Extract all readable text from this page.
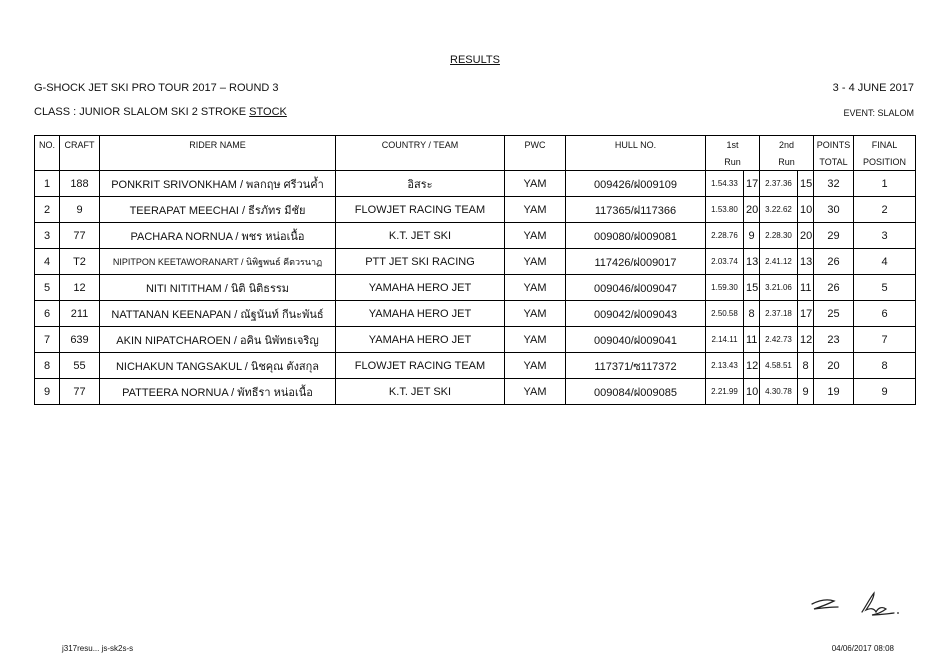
RESULTS
G-SHOCK JET SKI PRO TOUR 2017 – ROUND 3	3 - 4 JUNE 2017
CLASS : JUNIOR SLALOM SKI 2 STROKE STOCK	EVENT: SLALOM
NO.	CRAFT	RIDER NAME	COUNTRY / TEAM	PWC	HULL NO.	1st		2nd		POINTS	FINAL
						Run		Run		TOTAL	POSITION
1	188	PONKRIT SRIVONKHAM / พลกฤษ ศรีวนค้ำ	อิสระ	YAM	009426/ฝ009109	1.54.33	17	2.37.36	15	32	1
2	9	TEERAPAT MEECHAI / ธีรภัทร มีชัย	FLOWJET RACING TEAM	YAM	117365/ฝ117366	1.53.80	20	3.22.62	10	30	2
3	77	PACHARA NORNUA / พชร หน่อเนื้อ	K.T. JET SKI	YAM	009080/ฝ009081	2.28.76	9	2.28.30	20	29	3
4	T2	NIPITPON KEETAWORANART / นิพิฐพนธ์ คีตวรนาฏ	PTT JET SKI RACING	YAM	117426/ฝ009017	2.03.74	13	2.41.12	13	26	4
5	12	NITI NITITHAM / นิติ นิติธรรม	YAMAHA HERO JET	YAM	009046/ฝ009047	1.59.30	15	3.21.06	11	26	5
6	211	NATTANAN KEENAPAN / ณัฐนันท์ กีนะพันธ์	YAMAHA HERO JET	YAM	009042/ฝ009043	2.50.58	8	2.37.18	17	25	6
7	639	AKIN NIPATCHAROEN / อคิน นิพัทธเจริญ	YAMAHA HERO JET	YAM	009040/ฝ009041	2.14.11	11	2.42.73	12	23	7
8	55	NICHAKUN TANGSAKUL / นิชคุณ ตังสกุล	FLOWJET RACING TEAM	YAM	117371/ซ117372	2.13.43	12	4.58.51	8	20	8
9	77	PATTEERA NORNUA / พัทธีรา หน่อเนื้อ	K.T. JET SKI	YAM	009084/ฝ009085	2.21.99	10	4.30.78	9	19	9
j317resu... js-sk2s-s	04/06/2017 08:08
